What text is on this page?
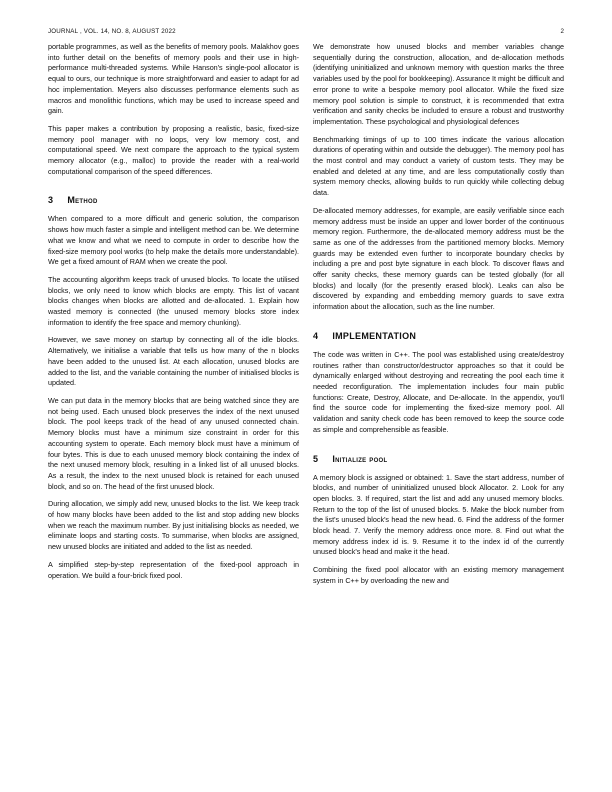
JOURNAL , VOL. 14, NO. 8, AUGUST 2022	2

portable programmes, as well as the benefits of memory pools. Malakhov goes into further detail on the benefits of memory pools and their use in high-performance multi-threaded systems. While Hanson's single-pool allocator is equal to ours, our technique is more straightforward and easier to adapt for ad hoc implementation. Meyers also discusses performance elements such as macros and monolithic functions, which may be used to increase speed and gain.

This paper makes a contribution by proposing a realistic, basic, fixed-size memory pool manager with no loops, very low memory cost, and computational speed. We next compare the approach to the typical system memory allocator (e.g., malloc) to provide the reader with a real-world computational comparison of the speed differences.

3 Method

When compared to a more difficult and generic solution, the comparison shows how much faster a simple and intelligent method can be. We determine what we know and what we need to compute in order to describe how the fixed-size memory pool works (to help make the details more understandable). We get a fixed amount of RAM when we create the pool.

The accounting algorithm keeps track of unused blocks. To locate the utilised blocks, we only need to know which blocks are empty. This list of vacant blocks changes when blocks are allotted and de-allocated. 1. Explain how wasted memory is connected (the unused memory blocks store index information to identify the free space and memory chunking).

However, we save money on startup by connecting all of the idle blocks. Alternatively, we initialise a variable that tells us how many of the n blocks have been added to the unused list. At each allocation, unused blocks are added to the list, and the variable containing the number of initialised blocks is updated.

We can put data in the memory blocks that are being watched since they are not being used. Each unused block preserves the index of the next unused block. The pool keeps track of the head of any unused connected chain. Memory blocks must have a minimum size constraint in order for this accounting system to operate. Each memory block must have a minimum of four bytes. This is due to each unused memory block containing the index of the next unused memory block, resulting in a linked list of all unused blocks. As a result, the index to the next unused block is retained for each unused block, and so on. The head of the first unused block.

During allocation, we simply add new, unused blocks to the list. We keep track of how many blocks have been added to the list and stop adding new blocks when we reach the maximum number. By just initialising blocks as needed, we eliminate loops and starting costs. To summarise, when blocks are assigned, new unused blocks are initiated and added to the list as needed.

A simplified step-by-step representation of the fixed-pool approach in operation. We build a four-brick fixed pool.

We demonstrate how unused blocks and member variables change sequentially during the construction, allocation, and de-allocation methods (identifying uninitialized and unknown memory with question marks the three variables used by the pool for bookkeeping). Assurance It might be difficult and error prone to write a bespoke memory pool allocator. While the fixed size memory pool solution is simple to construct, it is recommended that extra verification and sanity checks be included to ensure a robust and trustworthy implementation. These psychological and physiological defences

Benchmarking timings of up to 100 times indicate the various allocation durations of operating within and outside the debugger). The memory pool has the most control and may conduct a variety of custom tests. They may be enabled and deleted at any time, and are less computationally costly than system memory checks, allowing builds to run quickly while collecting debug data.

De-allocated memory addresses, for example, are easily verifiable since each memory address must be inside an upper and lower border of the continuous memory region. Furthermore, the de-allocated memory address must be the same as one of the addresses from the partitioned memory blocks. Memory guards may be extended even further to incorporate boundary checks by including a pre and post byte signature in each block. To discover flaws and offer sanity checks, these memory guards can be tested globally (for all blocks) and locally (for the presently erased block). Leaks can also be discovered by expanding and embedding memory guards to save extra information about the allocation, such as the line number.

4 IMPLEMENTATION

The code was written in C++. The pool was established using create/destroy routines rather than constructor/destructor approaches so that it could be dynamically enlarged without destroying and recreating the pool each time it needed reconfiguration. The implementation includes four main public functions: Create, Destroy, Allocate, and De-allocate. In the appendix, you'll find the source code for implementing the fixed-size memory pool. All validation and sanity check code has been removed to keep the source code as simple and comprehensible as feasible.

5 Initialize pool

A memory block is assigned or obtained: 1. Save the start address, number of blocks, and number of uninitialized unused block Allocator. 2. Look for any open blocks. 3. If required, start the list and add any unused memory blocks. Return to the top of the list of unused blocks. 5. Make the block number from the list's unused block's head the new head. 6. Find the address of the former block head. 7. Verify the memory address once more. 8. Find out what the memory address index id is. 9. Resume it to the index id of the currently unused block's head and make it the head.

Combining the fixed pool allocator with an existing memory management system in C++ by overloading the new and
